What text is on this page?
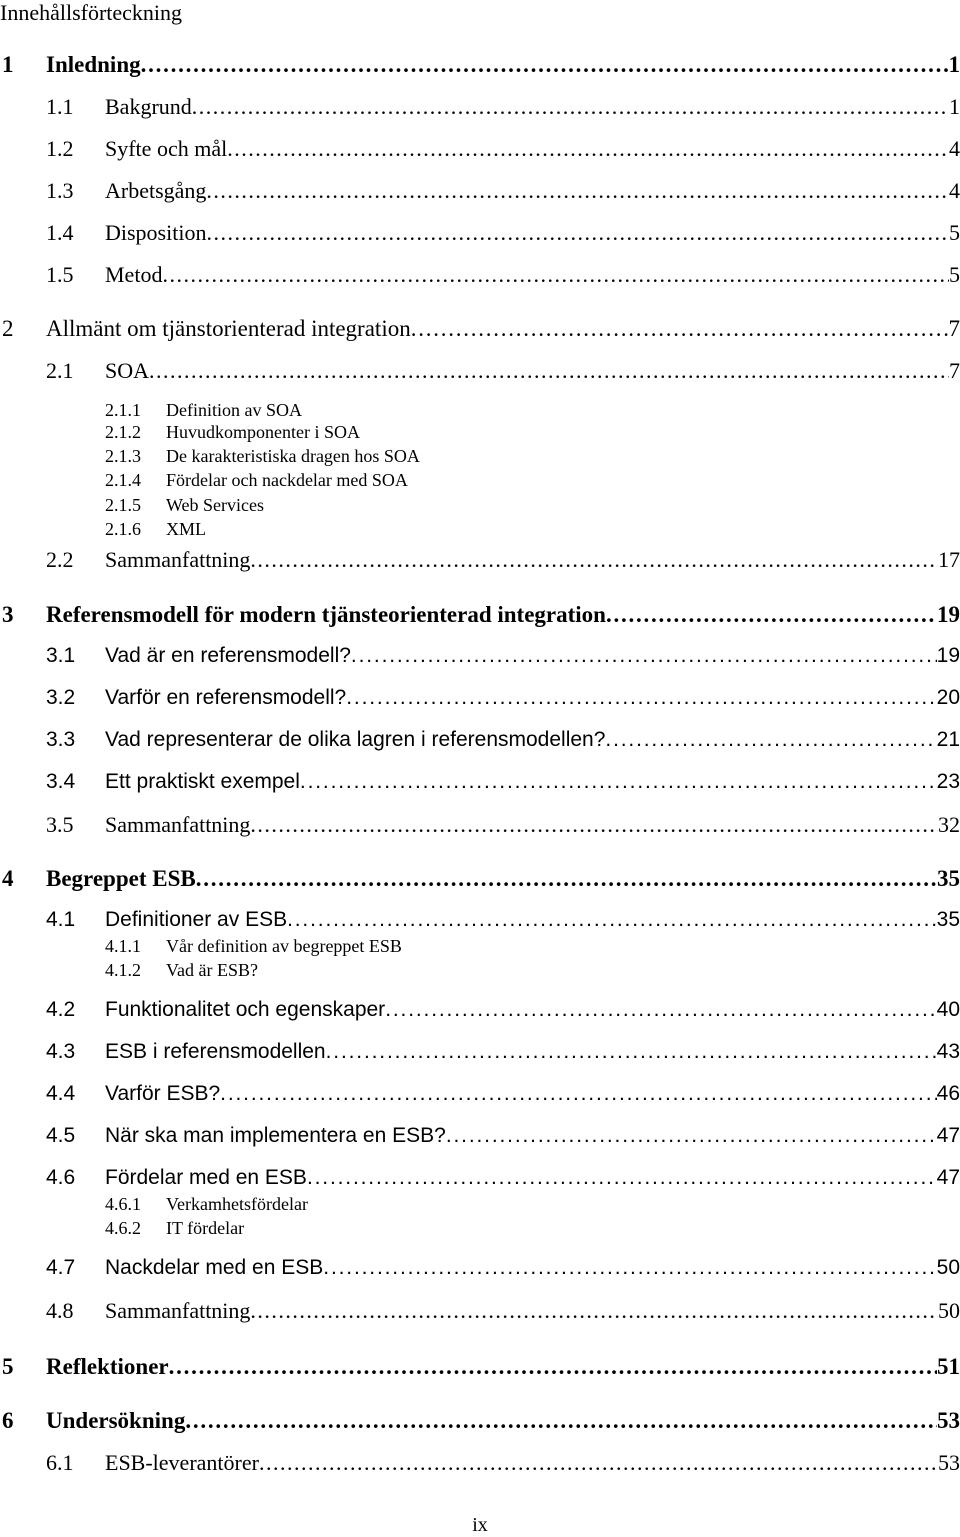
Innehållsförteckning
1 Inledning . . .	1
1.1 Bakgrund . . .	1
1.2 Syfte och mål . . .	4
1.3 Arbetsgång . . .	4
1.4 Disposition . . .	5
1.5 Metod . . .	5
2 Allmänt om tjänstorienterad integration . . .	7
2.1 SOA . . .	7
2.1.1 Definition av SOA
2.1.2 Huvudkomponenter i SOA
2.1.3 De karakteristiska dragen hos SOA
2.1.4 Fördelar och nackdelar med SOA
2.1.5 Web Services
2.1.6 XML
2.2 Sammanfattning . . .	17
3 Referensmodell för modern tjänsteorienterad integration . . .	19
3.1 Vad är en referensmodell? . . .	19
3.2 Varför en referensmodell? . . .	20
3.3 Vad representerar de olika lagren i referensmodellen? . . .	21
3.4 Ett praktiskt exempel . . .	23
3.5 Sammanfattning . . .	32
4 Begreppet ESB . . .	35
4.1 Definitioner av ESB . . .	35
4.1.1 Vår definition av begreppet ESB
4.1.2 Vad är ESB?
4.2 Funktionalitet och egenskaper . . .	40
4.3 ESB i referensmodellen . . .	43
4.4 Varför ESB? . . .	46
4.5 När ska man implementera en ESB? . . .	47
4.6 Fördelar med en ESB . . .	47
4.6.1 Verkamhetsfördelar
4.6.2 IT fördelar
4.7 Nackdelar med en ESB . . .	50
4.8 Sammanfattning . . .	50
5 Reflektioner . . .	51
6 Undersökning . . .	53
6.1 ESB-leverantörer . . .	53
ix
